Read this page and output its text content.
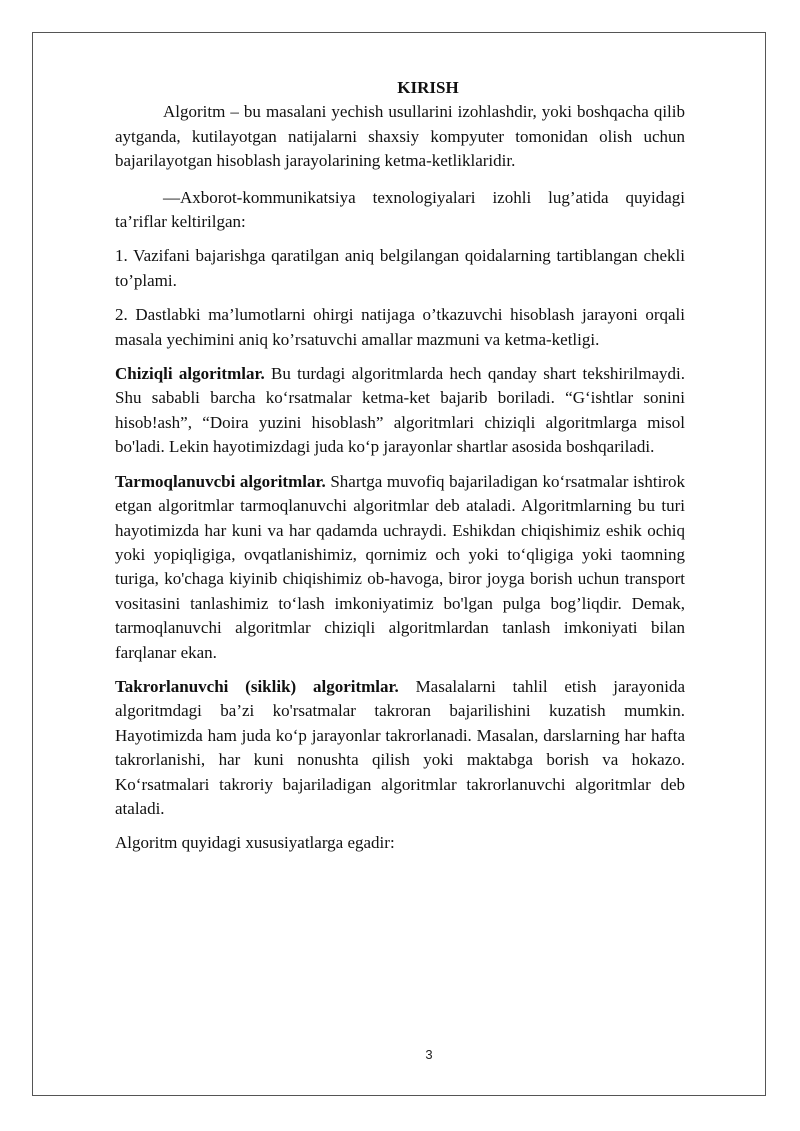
KIRISH

Algoritm – bu masalani yechish usullarini izohlashdir, yoki boshqacha qilib aytganda, kutilayotgan natijalarni shaxsiy kompyuter tomonidan olish uchun bajarilayotgan hisoblash jarayolarining ketma-ketliklaridir.

―Axborot-kommunikatsiya texnologiyalari izohli lug’atida quyidagi ta’riflar keltirilgan:

1. Vazifani bajarishga qaratilgan aniq belgilangan qoidalarning tartiblangan chekli to’plami.

2. Dastlabki ma’lumotlarni ohirgi natijaga o’tkazuvchi hisoblash jarayoni orqali masala yechimini aniq ko’rsatuvchi amallar mazmuni va ketma-ketligi.

Chiziqli algoritmlar. Bu turdagi algoritmlarda hech qanday shart tekshirilmaydi. Shu sababli barcha koʻrsatmalar ketma-ket bajarib boriladi. “Gʻishtlar sonini hisob!ash”, “Doira yuzini hisoblash” algoritmlari chiziqli algoritmlarga misol bo'ladi. Lekin hayotimizdagi juda koʻp jarayonlar shartlar asosida boshqariladi.

Tarmoqlanuvcbi algoritmlar. Shartga muvofiq bajariladigan koʻrsatmalar ishtirok etgan algoritmlar tarmoqlanuvchi algoritmlar deb ataladi. Algoritmlarning bu turi hayotimizda har kuni va har qadamda uchraydi. Eshikdan chiqishimiz eshik ochiq yoki yopiqligiga, ovqatlanishimiz, qornimiz och yoki toʻqligiga yoki taomning turiga, ko'chaga kiyinib chiqishimiz ob-havoga, biror joyga borish uchun transport vositasini tanlashimiz toʻlash imkoniyatimiz bo'lgan pulga bog’liqdir. Demak, tarmoqlanuvchi algoritmlar chiziqli algoritmlardan tanlash imkoniyati bilan farqlanar ekan.

Takrorlanuvchi (siklik) algoritmlar. Masalalarni tahlil etish jarayonida algoritmdagi ba’zi ko'rsatmalar takroran bajarilishini kuzatish mumkin. Hayotimizda ham juda koʻp jarayonlar takrorlanadi. Masalan, darslarning har hafta takrorlanishi, har kuni nonushta qilish yoki maktabga borish va hokazo. Koʻrsatmalari takroriy bajariladigan algoritmlar takrorlanuvchi algoritmlar deb ataladi.

Algoritm quyidagi xususiyatlarga egadir:

3
